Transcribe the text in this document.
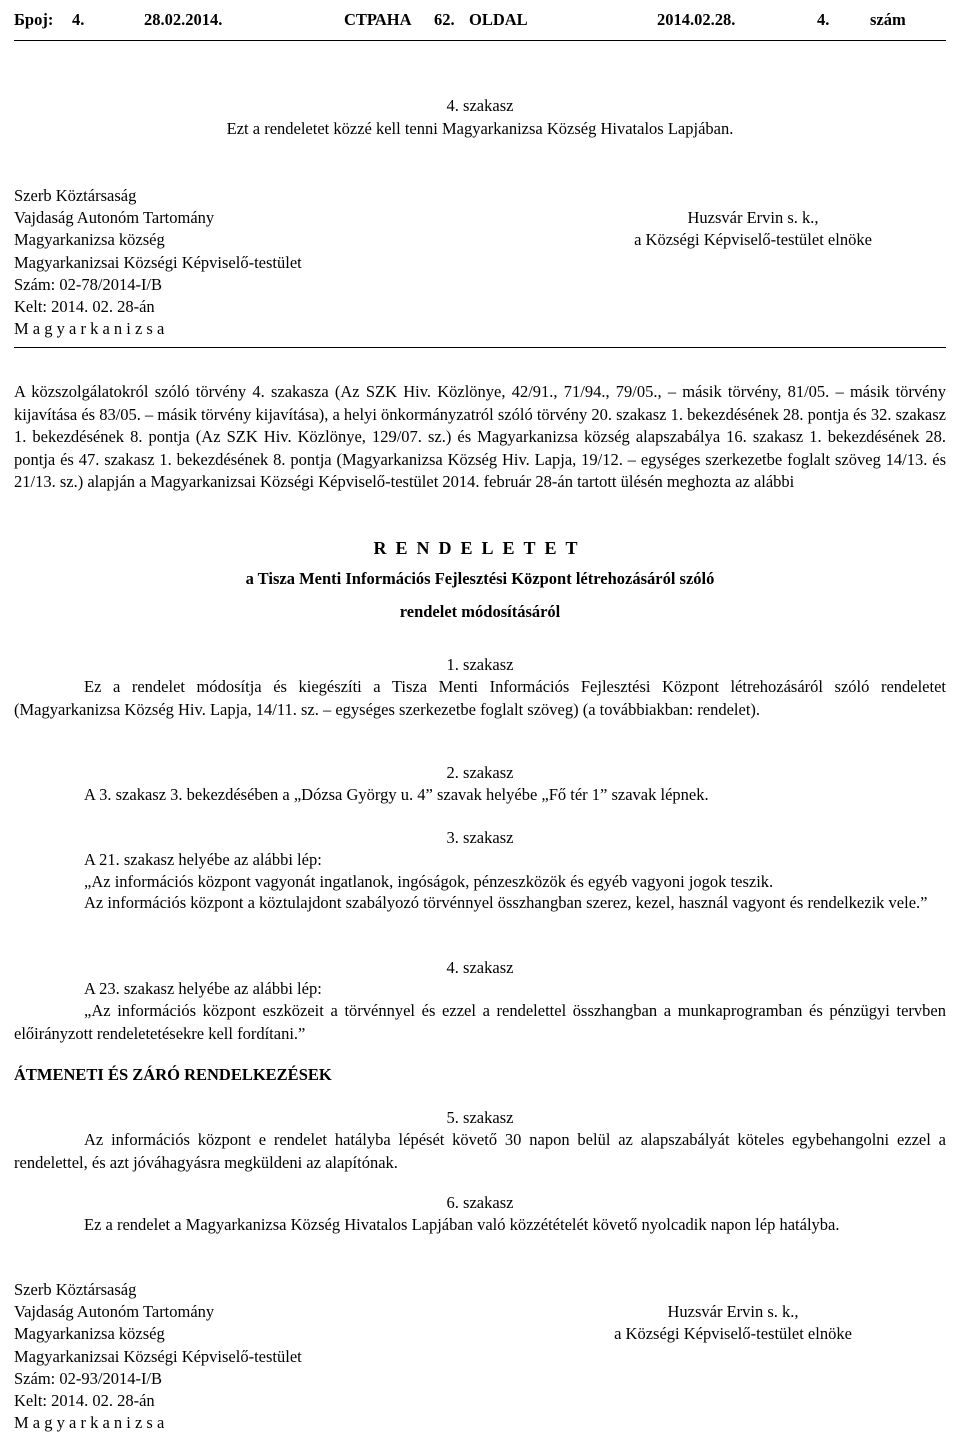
Број: 4.	28.02.2014.	СТРАНА 62. OLDAL	2014.02.28.	4. szám
4. szakasz
Ezt a rendeletet közzé kell tenni Magyarkanizsa Község Hivatalos Lapjában.
Szerb Köztársaság
Vajdaság Autonóm Tartomány
Magyarkanizsa község
Magyarkanizsai Községi Képviselő-testület
Szám: 02-78/2014-I/B
Kelt: 2014. 02. 28-án
M a g y a r k a n i z s a
Huzsvár Ervin s. k.,
a Községi Képviselő-testület elnöke

A közszolgálatokról szóló törvény 4. szakasza (Az SZK Hiv. Közlönye, 42/91., 71/94., 79/05., – másik törvény, 81/05. – másik törvény kijavítása és 83/05. – másik törvény kijavítása), a helyi önkormányzatról szóló törvény 20. szakasz 1. bekezdésének 28. pontja és 32. szakasz 1. bekezdésének 8. pontja (Az SZK Hiv. Közlönye, 129/07. sz.) és Magyarkanizsa község alapszabálya 16. szakasz 1. bekezdésének 28. pontja és 47. szakasz 1. bekezdésének 8. pontja (Magyarkanizsa Község Hiv. Lapja, 19/12. – egységes szerkezetbe foglalt szöveg 14/13. és 21/13. sz.) alapján a Magyarkanizsai Községi Képviselő-testület 2014. február 28-án tartott ülésén meghozta az alábbi

RENDELETET
a Tisza Menti Információs Fejlesztési Központ létrehozásáról szóló
rendelet módosításáról
1. szakasz

Ez a rendelet módosítja és kiegészíti a Tisza Menti Információs Fejlesztési Központ létrehozásáról szóló rendeletet (Magyarkanizsa Község Hiv. Lapja, 14/11. sz. – egységes szerkezetbe foglalt szöveg) (a továbbiakban: rendelet).

2. szakasz
A 3. szakasz 3. bekezdésében a „Dózsa György u. 4” szavak helyébe „Fő tér 1” szavak lépnek.
3. szakasz
A 21. szakasz helyébe az alábbi lép:
„Az információs központ vagyonát ingatlanok, ingóságok, pénzeszközök és egyéb vagyoni jogok teszik.

Az információs központ a köztulajdont szabályozó törvénnyel összhangban szerez, kezel, használ vagyont és rendelkezik vele.”

4. szakasz
A 23. szakasz helyébe az alábbi lép:

„Az információs központ eszközeit a törvénnyel és ezzel a rendelettel összhangban a munkaprogramban és pénzügyi tervben előirányzott rendeletetésekre kell fordítani.”

ÁTMENETI ÉS ZÁRÓ RENDELKEZÉSEK
5. szakasz

Az információs központ e rendelet hatályba lépését követő 30 napon belül az alapszabályát köteles egybehangolni ezzel a rendelettel, és azt jóváhagyásra megküldeni az alapítónak.

6. szakasz
Ez a rendelet a Magyarkanizsa Község Hivatalos Lapjában való közzétételét követő nyolcadik napon lép hatályba.
Szerb Köztársaság
Vajdaság Autonóm Tartomány
Magyarkanizsa község
Magyarkanizsai Községi Képviselő-testület
Szám: 02-93/2014-I/B
Kelt: 2014. 02. 28-án
M a g y a r k a n i z s a
Huzsvár Ervin s. k.,
a Községi Képviselő-testület elnöke
